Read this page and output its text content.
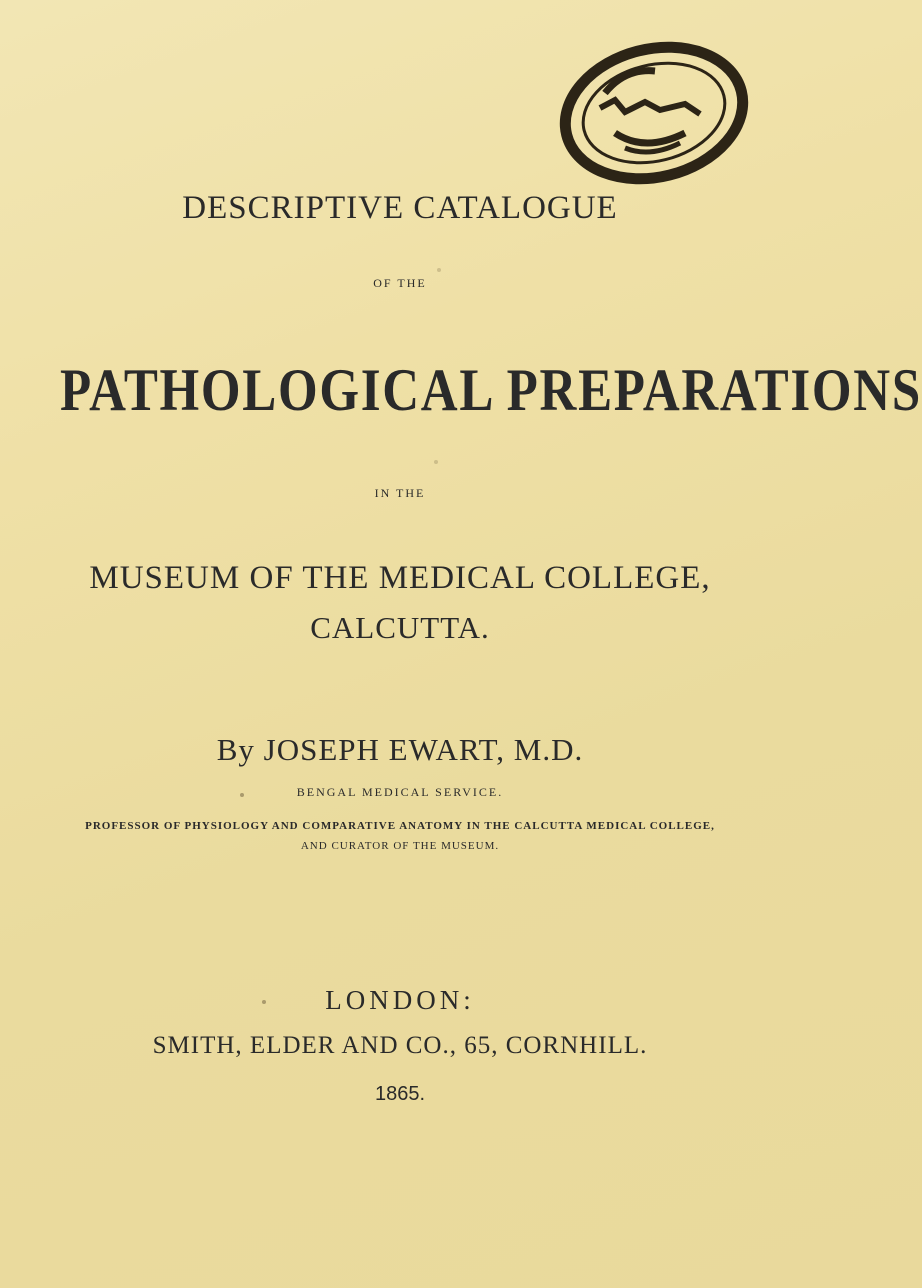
DESCRIPTIVE CATALOGUE
OF THE
PATHOLOGICAL PREPARATIONS
IN THE
MUSEUM OF THE MEDICAL COLLEGE,
CALCUTTA.
By JOSEPH EWART, M.D.
BENGAL MEDICAL SERVICE.
PROFESSOR OF PHYSIOLOGY AND COMPARATIVE ANATOMY IN THE CALCUTTA MEDICAL COLLEGE,
AND CURATOR OF THE MUSEUM.
LONDON:
SMITH, ELDER AND CO., 65, CORNHILL.
1865.
